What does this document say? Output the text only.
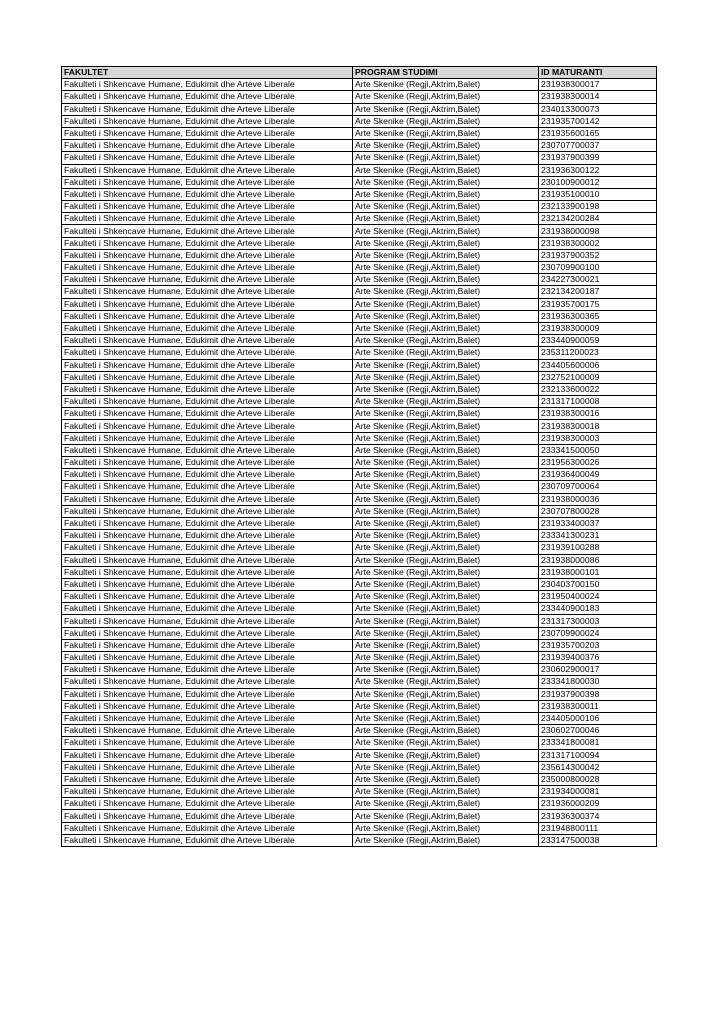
FAKULTET	PROGRAM STUDIMI	ID MATURANTI
Fakulteti i Shkencave Humane, Edukimit dhe Arteve Liberale	Arte Skenike (Regji,Aktrim,Balet)	231938300017
Fakulteti i Shkencave Humane, Edukimit dhe Arteve Liberale	Arte Skenike (Regji,Aktrim,Balet)	231938300014
Fakulteti i Shkencave Humane, Edukimit dhe Arteve Liberale	Arte Skenike (Regji,Aktrim,Balet)	234013300073
Fakulteti i Shkencave Humane, Edukimit dhe Arteve Liberale	Arte Skenike (Regji,Aktrim,Balet)	231935700142
Fakulteti i Shkencave Humane, Edukimit dhe Arteve Liberale	Arte Skenike (Regji,Aktrim,Balet)	231935600165
Fakulteti i Shkencave Humane, Edukimit dhe Arteve Liberale	Arte Skenike (Regji,Aktrim,Balet)	230707700037
Fakulteti i Shkencave Humane, Edukimit dhe Arteve Liberale	Arte Skenike (Regji,Aktrim,Balet)	231937900399
Fakulteti i Shkencave Humane, Edukimit dhe Arteve Liberale	Arte Skenike (Regji,Aktrim,Balet)	231936300122
Fakulteti i Shkencave Humane, Edukimit dhe Arteve Liberale	Arte Skenike (Regji,Aktrim,Balet)	230100900012
Fakulteti i Shkencave Humane, Edukimit dhe Arteve Liberale	Arte Skenike (Regji,Aktrim,Balet)	231935100010
Fakulteti i Shkencave Humane, Edukimit dhe Arteve Liberale	Arte Skenike (Regji,Aktrim,Balet)	232133900198
Fakulteti i Shkencave Humane, Edukimit dhe Arteve Liberale	Arte Skenike (Regji,Aktrim,Balet)	232134200284
Fakulteti i Shkencave Humane, Edukimit dhe Arteve Liberale	Arte Skenike (Regji,Aktrim,Balet)	231938000098
Fakulteti i Shkencave Humane, Edukimit dhe Arteve Liberale	Arte Skenike (Regji,Aktrim,Balet)	231938300002
Fakulteti i Shkencave Humane, Edukimit dhe Arteve Liberale	Arte Skenike (Regji,Aktrim,Balet)	231937900352
Fakulteti i Shkencave Humane, Edukimit dhe Arteve Liberale	Arte Skenike (Regji,Aktrim,Balet)	230709900100
Fakulteti i Shkencave Humane, Edukimit dhe Arteve Liberale	Arte Skenike (Regji,Aktrim,Balet)	234227300021
Fakulteti i Shkencave Humane, Edukimit dhe Arteve Liberale	Arte Skenike (Regji,Aktrim,Balet)	232134200187
Fakulteti i Shkencave Humane, Edukimit dhe Arteve Liberale	Arte Skenike (Regji,Aktrim,Balet)	231935700175
Fakulteti i Shkencave Humane, Edukimit dhe Arteve Liberale	Arte Skenike (Regji,Aktrim,Balet)	231936300365
Fakulteti i Shkencave Humane, Edukimit dhe Arteve Liberale	Arte Skenike (Regji,Aktrim,Balet)	231938300009
Fakulteti i Shkencave Humane, Edukimit dhe Arteve Liberale	Arte Skenike (Regji,Aktrim,Balet)	233440900059
Fakulteti i Shkencave Humane, Edukimit dhe Arteve Liberale	Arte Skenike (Regji,Aktrim,Balet)	235311200023
Fakulteti i Shkencave Humane, Edukimit dhe Arteve Liberale	Arte Skenike (Regji,Aktrim,Balet)	234405600006
Fakulteti i Shkencave Humane, Edukimit dhe Arteve Liberale	Arte Skenike (Regji,Aktrim,Balet)	232752100009
Fakulteti i Shkencave Humane, Edukimit dhe Arteve Liberale	Arte Skenike (Regji,Aktrim,Balet)	232133600022
Fakulteti i Shkencave Humane, Edukimit dhe Arteve Liberale	Arte Skenike (Regji,Aktrim,Balet)	231317100008
Fakulteti i Shkencave Humane, Edukimit dhe Arteve Liberale	Arte Skenike (Regji,Aktrim,Balet)	231938300016
Fakulteti i Shkencave Humane, Edukimit dhe Arteve Liberale	Arte Skenike (Regji,Aktrim,Balet)	231938300018
Fakulteti i Shkencave Humane, Edukimit dhe Arteve Liberale	Arte Skenike (Regji,Aktrim,Balet)	231938300003
Fakulteti i Shkencave Humane, Edukimit dhe Arteve Liberale	Arte Skenike (Regji,Aktrim,Balet)	233341500050
Fakulteti i Shkencave Humane, Edukimit dhe Arteve Liberale	Arte Skenike (Regji,Aktrim,Balet)	231956300026
Fakulteti i Shkencave Humane, Edukimit dhe Arteve Liberale	Arte Skenike (Regji,Aktrim,Balet)	231936400049
Fakulteti i Shkencave Humane, Edukimit dhe Arteve Liberale	Arte Skenike (Regji,Aktrim,Balet)	230709700064
Fakulteti i Shkencave Humane, Edukimit dhe Arteve Liberale	Arte Skenike (Regji,Aktrim,Balet)	231938000036
Fakulteti i Shkencave Humane, Edukimit dhe Arteve Liberale	Arte Skenike (Regji,Aktrim,Balet)	230707800028
Fakulteti i Shkencave Humane, Edukimit dhe Arteve Liberale	Arte Skenike (Regji,Aktrim,Balet)	231933400037
Fakulteti i Shkencave Humane, Edukimit dhe Arteve Liberale	Arte Skenike (Regji,Aktrim,Balet)	233341300231
Fakulteti i Shkencave Humane, Edukimit dhe Arteve Liberale	Arte Skenike (Regji,Aktrim,Balet)	231939100288
Fakulteti i Shkencave Humane, Edukimit dhe Arteve Liberale	Arte Skenike (Regji,Aktrim,Balet)	231938000086
Fakulteti i Shkencave Humane, Edukimit dhe Arteve Liberale	Arte Skenike (Regji,Aktrim,Balet)	231938000101
Fakulteti i Shkencave Humane, Edukimit dhe Arteve Liberale	Arte Skenike (Regji,Aktrim,Balet)	230403700150
Fakulteti i Shkencave Humane, Edukimit dhe Arteve Liberale	Arte Skenike (Regji,Aktrim,Balet)	231950400024
Fakulteti i Shkencave Humane, Edukimit dhe Arteve Liberale	Arte Skenike (Regji,Aktrim,Balet)	233440900183
Fakulteti i Shkencave Humane, Edukimit dhe Arteve Liberale	Arte Skenike (Regji,Aktrim,Balet)	231317300003
Fakulteti i Shkencave Humane, Edukimit dhe Arteve Liberale	Arte Skenike (Regji,Aktrim,Balet)	230709900024
Fakulteti i Shkencave Humane, Edukimit dhe Arteve Liberale	Arte Skenike (Regji,Aktrim,Balet)	231935700203
Fakulteti i Shkencave Humane, Edukimit dhe Arteve Liberale	Arte Skenike (Regji,Aktrim,Balet)	231939400376
Fakulteti i Shkencave Humane, Edukimit dhe Arteve Liberale	Arte Skenike (Regji,Aktrim,Balet)	230602900017
Fakulteti i Shkencave Humane, Edukimit dhe Arteve Liberale	Arte Skenike (Regji,Aktrim,Balet)	233341800030
Fakulteti i Shkencave Humane, Edukimit dhe Arteve Liberale	Arte Skenike (Regji,Aktrim,Balet)	231937900398
Fakulteti i Shkencave Humane, Edukimit dhe Arteve Liberale	Arte Skenike (Regji,Aktrim,Balet)	231938300011
Fakulteti i Shkencave Humane, Edukimit dhe Arteve Liberale	Arte Skenike (Regji,Aktrim,Balet)	234405000106
Fakulteti i Shkencave Humane, Edukimit dhe Arteve Liberale	Arte Skenike (Regji,Aktrim,Balet)	230602700046
Fakulteti i Shkencave Humane, Edukimit dhe Arteve Liberale	Arte Skenike (Regji,Aktrim,Balet)	233341800081
Fakulteti i Shkencave Humane, Edukimit dhe Arteve Liberale	Arte Skenike (Regji,Aktrim,Balet)	231317100094
Fakulteti i Shkencave Humane, Edukimit dhe Arteve Liberale	Arte Skenike (Regji,Aktrim,Balet)	235614300042
Fakulteti i Shkencave Humane, Edukimit dhe Arteve Liberale	Arte Skenike (Regji,Aktrim,Balet)	235000800028
Fakulteti i Shkencave Humane, Edukimit dhe Arteve Liberale	Arte Skenike (Regji,Aktrim,Balet)	231934000081
Fakulteti i Shkencave Humane, Edukimit dhe Arteve Liberale	Arte Skenike (Regji,Aktrim,Balet)	231936000209
Fakulteti i Shkencave Humane, Edukimit dhe Arteve Liberale	Arte Skenike (Regji,Aktrim,Balet)	231936300374
Fakulteti i Shkencave Humane, Edukimit dhe Arteve Liberale	Arte Skenike (Regji,Aktrim,Balet)	231948800111
Fakulteti i Shkencave Humane, Edukimit dhe Arteve Liberale	Arte Skenike (Regji,Aktrim,Balet)	233147500038
